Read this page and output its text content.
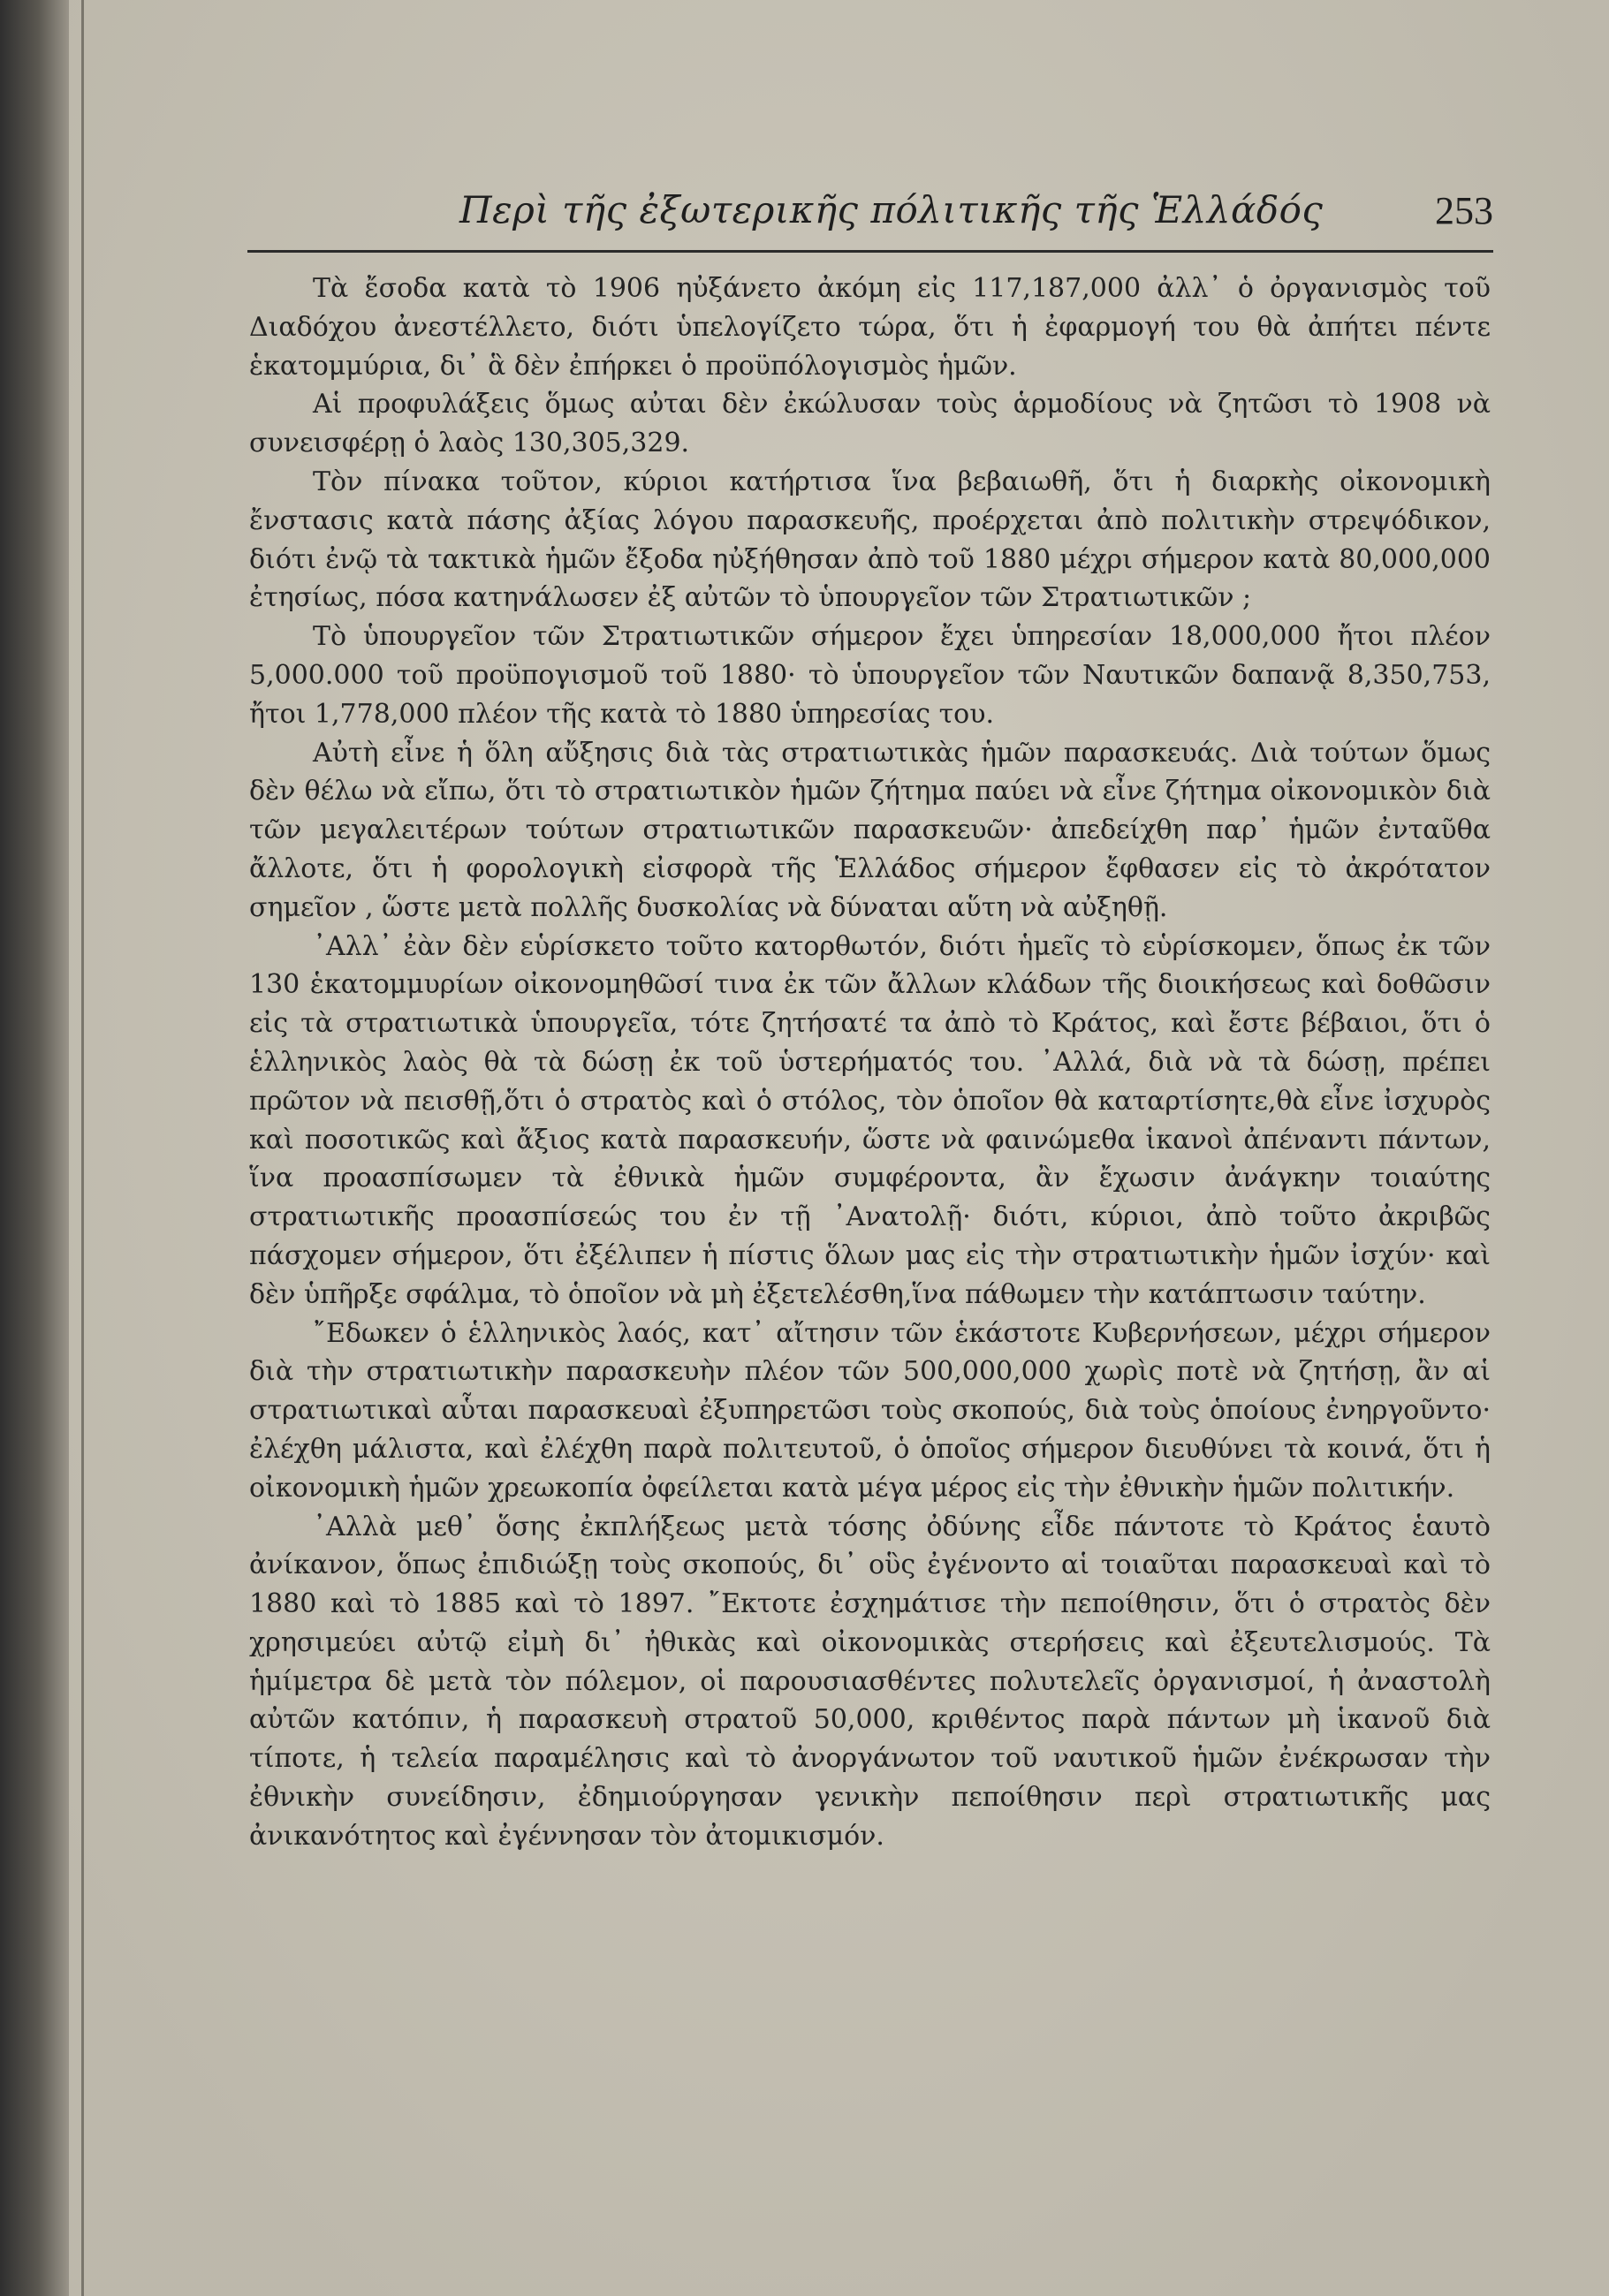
Περὶ τῆς ἐξωτερικῆς πόλιτικῆς τῆς Ἑλλάδός	253

Τὰ ἔσοδα κατὰ τὸ 1906 ηὐξάνετο ἀκόμη εἰς 117,187,000 ἀλλ᾽ ὁ ὀργανισμὸς τοῦ Διαδόχου ἀνεστέλλετο, διότι ὑπελογίζετο τώρα, ὅτι ἡ ἐφαρμογή του θὰ ἀπήτει πέντε ἑκατομμύρια, δι᾽ ἃ δὲν ἐπήρκει ὁ προϋπόλογισμὸς ἡμῶν.

Αἱ προφυλάξεις ὅμως αὐται δὲν ἐκώλυσαν τοὺς ἁρμοδίους νὰ ζητῶσι τὸ 1908 νὰ συνεισφέρῃ ὁ λαὸς 130,305,329.

Τὸν πίνακα τοῦτον, κύριοι κατήρτισα ἵνα βεβαιωθῆ, ὅτι ἡ διαρκὴς οἰκονομικὴ ἔνστασις κατὰ πάσης ἀξίας λόγου παρασκευῆς, προέρχεται ἀπὸ πολιτικὴν στρεψόδικον, διότι ἐνῷ τὰ τακτικὰ ἡμῶν ἔξοδα ηὐξήθησαν ἀπὸ τοῦ 1880 μέχρι σήμερον κατὰ 80,000,000 ἐτησίως, πόσα κατηνάλωσεν ἐξ αὐτῶν τὸ ὑπουργεῖον τῶν Στρατιωτικῶν ;

Τὸ ὑπουργεῖον τῶν Στρατιωτικῶν σήμερον ἔχει ὑπηρεσίαν 18,000,000 ἤτοι πλέον 5,000.000 τοῦ προϋπογισμοῦ τοῦ 1880· τὸ ὑπουργεῖον τῶν Ναυτικῶν δαπανᾷ 8,350,753, ἤτοι 1,778,000 πλέον τῆς κατὰ τὸ 1880 ὑπηρεσίας του.

Αὐτὴ εἶνε ἡ ὅλη αὔξησις διὰ τὰς στρατιωτικὰς ἡμῶν παρασκευάς. Διὰ τούτων ὅμως δὲν θέλω νὰ εἴπω, ὅτι τὸ στρατιωτικὸν ἡμῶν ζήτημα παύει νὰ εἶνε ζήτημα οἰκονομικὸν διὰ τῶν μεγαλειτέρων τούτων στρατιωτικῶν παρασκευῶν· ἀπεδείχθη παρ᾽ ἡμῶν ἐνταῦθα ἄλλοτε, ὅτι ἡ φορολογικὴ εἰσφορὰ τῆς Ἑλλάδος σήμερον ἔφθασεν εἰς τὸ ἀκρότατον σημεῖον , ὥστε μετὰ πολλῆς δυσκολίας νὰ δύναται αὕτη νὰ αὐξηθῇ.

᾽Αλλ᾽ ἐὰν δὲν εὑρίσκετο τοῦτο κατορθωτόν, διότι ἡμεῖς τὸ εὑρίσκομεν, ὅπως ἐκ τῶν 130 ἑκατομμυρίων οἰκονομηθῶσί τινα ἐκ τῶν ἄλλων κλάδων τῆς διοικήσεως καὶ δοθῶσιν εἰς τὰ στρατιωτικὰ ὑπουργεῖα, τότε ζητήσατέ τα ἀπὸ τὸ Κράτος, καὶ ἔστε βέβαιοι, ὅτι ὁ ἑλληνικὸς λαὸς θὰ τὰ δώσῃ ἐκ τοῦ ὑστερήματός του. ᾽Αλλά, διὰ νὰ τὰ δώσῃ, πρέπει πρῶτον νὰ πεισθῇ,ὅτι ὁ στρατὸς καὶ ὁ στόλος, τὸν ὁποῖον θὰ καταρτίσητε,θὰ εἶνε ἰσχυρὸς καὶ ποσοτικῶς καὶ ἄξιος κατὰ παρασκευήν, ὥστε νὰ φαινώμεθα ἱκανοὶ ἀπέναντι πάντων, ἵνα προασπίσωμεν τὰ ἐθνικὰ ἡμῶν συμφέροντα, ἂν ἔχωσιν ἀνάγκην τοιαύτης στρατιωτικῆς προασπίσεώς του ἐν τῇ ᾽Ανατολῇ· διότι, κύριοι, ἀπὸ τοῦτο ἀκριβῶς πάσχομεν σήμερον, ὅτι ἐξέλιπεν ἡ πίστις ὅλων μας εἰς τὴν στρατιωτικὴν ἡμῶν ἰσχύν· καὶ δὲν ὑπῆρξε σφάλμα, τὸ ὁποῖον νὰ μὴ ἐξετελέσθη,ἵνα πάθωμεν τὴν κατάπτωσιν ταύτην.

῎Εδωκεν ὁ ἑλληνικὸς λαός, κατ᾽ αἴτησιν τῶν ἑκάστοτε Κυβερνήσεων, μέχρι σήμερον διὰ τὴν στρατιωτικὴν παρασκευὴν πλέον τῶν 500,000,000 χωρὶς ποτὲ νὰ ζητήσῃ, ἂν αἱ στρατιωτικαὶ αὗται παρασκευαὶ ἐξυπηρετῶσι τοὺς σκοπούς, διὰ τοὺς ὁποίους ἐνηργοῦντο· ἐλέχθη μάλιστα, καὶ ἐλέχθη παρὰ πολιτευτοῦ, ὁ ὁποῖος σήμερον διευθύνει τὰ κοινά, ὅτι ἡ οἰκονομικὴ ἡμῶν χρεωκοπία ὀφείλεται κατὰ μέγα μέρος εἰς τὴν ἐθνικὴν ἡμῶν πολιτικήν.

᾽Αλλὰ μεθ᾽ ὅσης ἐκπλήξεως μετὰ τόσης ὀδύνης εἶδε πάντοτε τὸ Κράτος ἑαυτὸ ἀνίκανον, ὅπως ἐπιδιώξῃ τοὺς σκοπούς, δι᾽ οὓς ἐγένοντο αἱ τοιαῦται παρασκευαὶ καὶ τὸ 1880 καὶ τὸ 1885 καὶ τὸ 1897. ῎Εκτοτε ἐσχημάτισε τὴν πεποίθησιν, ὅτι ὁ στρατὸς δὲν χρησιμεύει αὐτῷ εἰμὴ δι᾽ ἠθικὰς καὶ οἰκονομικὰς στερήσεις καὶ ἐξευτελισμούς. Τὰ ἡμίμετρα δὲ μετὰ τὸν πόλεμον, οἱ παρουσιασθέντες πολυτελεῖς ὀργανισμοί, ἡ ἀναστολὴ αὐτῶν κατόπιν, ἡ παρασκευὴ στρατοῦ 50,000, κριθέντος παρὰ πάντων μὴ ἱκανοῦ διὰ τίποτε, ἡ τελεία παραμέλησις καὶ τὸ ἀνοργάνωτον τοῦ ναυτικοῦ ἡμῶν ἐνέκρωσαν τὴν ἐθνικὴν συνείδησιν, ἐδημιούργησαν γενικὴν πεποίθησιν περὶ στρατιωτικῆς μας ἀνικανότητος καὶ ἐγέννησαν τὸν ἀτομικισμόν.
